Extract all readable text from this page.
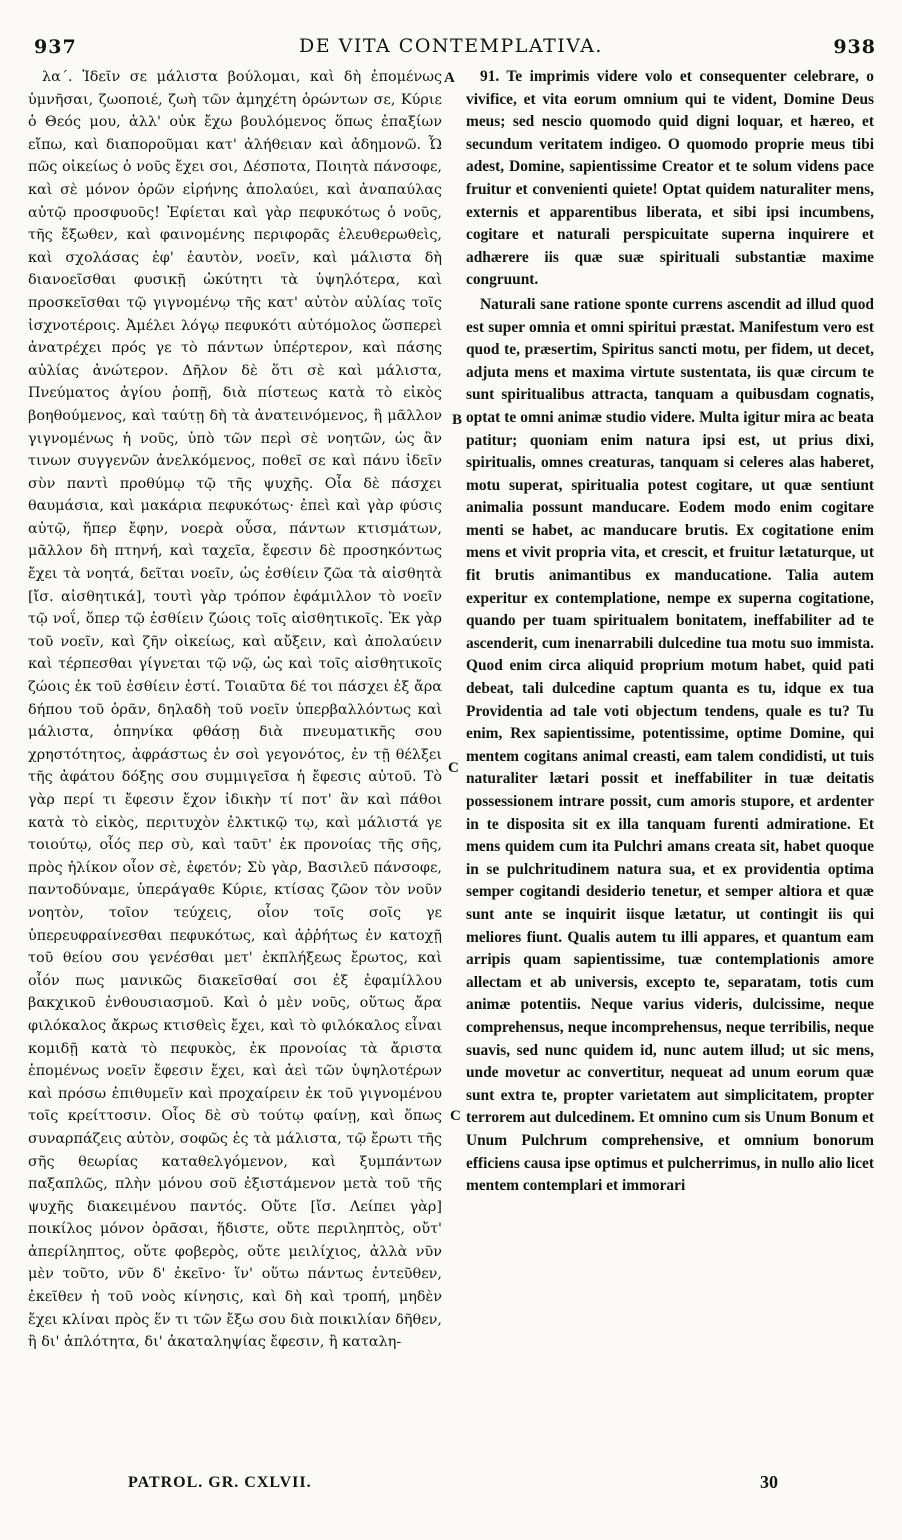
937	DE VITA CONTEMPLATIVA.	938

λα΄. Ἰδεῖν σε μάλιστα βούλομαι, καὶ δὴ ἐπομένως ὑμνῆσαι, ζωοποιέ, ζωὴ τῶν ἀμηχέτη ὁρώντων σε, Κύριε ὁ Θεός μου, ἀλλ' οὐκ ἔχω βουλόμενος ὅπως ἐπαξίων εἴπω, καὶ διαποροῦμαι κατ' ἀλήθειαν καὶ ἀδημονῶ. Ὦ πῶς οἰκείως ὁ νοῦς ἔχει σοι, Δέσποτα, Ποιητὰ πάνσοφε, καὶ σὲ μόνον ὁρῶν εἰρήνης ἀπολαύει, καὶ ἀναπαύλας αὐτῷ προσφυοῦς! Ἐφίεται καὶ γὰρ πεφυκότως ὁ νοῦς, τῆς ἔξωθεν, καὶ φαινομένης περιφορᾶς ἐλευθερωθεὶς, καὶ σχολάσας ἐφ' ἑαυτὸν, νοεῖν, καὶ μάλιστα δὴ διανοεῖσθαι φυσικῇ ὠκύτητι τὰ ὑψηλότερα, καὶ προσκεῖσθαι τῷ γιγνομένῳ τῆς κατ' αὐτὸν αὐλίας τοῖς ἰσχνοτέροις. Ἀμέλει λόγῳ πεφυκότι αὐτόμολος ὥσπερεὶ ἀνατρέχει πρός γε τὸ πάντων ὑπέρτερον, καὶ πάσης αὐλίας ἀνώτερον. Δῆλον δὲ ὅτι σὲ καὶ μάλιστα, Πνεύματος ἁγίου ῥοπῇ, διὰ πίστεως κατὰ τὸ εἰκὸς βοηθούμενος, καὶ ταύτῃ δὴ τὰ ἀνατεινόμενος, ἣ μᾶλλον γιγνομένως ἡ νοῦς, ὑπὸ τῶν περὶ σὲ νοητῶν, ὡς ἂν τινων συγγενῶν ἀνελκόμενος, ποθεῖ σε καὶ πάνυ ἰδεῖν σὺν παντὶ προθύμῳ τῷ τῆς ψυχῆς. Οἷα δὲ πάσχει θαυμάσια, καὶ μακάρια πεφυκότως· ἐπεὶ καὶ γὰρ φύσις αὐτῷ, ἥπερ ἔφην, νοερὰ οὖσα, πάντων κτισμάτων, μᾶλλον δὴ πτηνή, καὶ ταχεῖα, ἔφεσιν δὲ προσηκόντως ἔχει τὰ νοητά, δεῖται νοεῖν, ὡς ἐσθίειν ζῶα τὰ αἰσθητὰ [ἴσ. αἰσθητικά], τουτὶ γὰρ τρόπον ἐφάμιλλον τὸ νοεῖν τῷ νοΐ, ὅπερ τῷ ἐσθίειν ζώοις τοῖς αἰσθητικοῖς. Ἐκ γὰρ τοῦ νοεῖν, καὶ ζῆν οἰκείως, καὶ αὔξειν, καὶ ἀπολαύειν καὶ τέρπεσθαι γίγνεται τῷ νῷ, ὡς καὶ τοῖς αἰσθητικοῖς ζώοις ἐκ τοῦ ἐσθίειν ἐστί. Τοιαῦτα δέ τοι πάσχει ἐξ ἄρα δήπου τοῦ ὁρᾶν, δηλαδὴ τοῦ νοεῖν ὑπερβαλλόντως καὶ μάλιστα, ὁπηνίκα φθάσῃ διὰ πνευματικῆς σου χρηστότητος, ἀφράστως ἐν σοὶ γεγονότος, ἐν τῇ θέλξει τῆς ἀφάτου δόξης σου συμμιγεῖσα ἡ ἔφεσις αὐτοῦ. Τὸ γὰρ περί τι ἔφεσιν ἔχον ἰδικὴν τί ποτ' ἂν καὶ πάθοι κατὰ τὸ εἰκὸς, περιτυχὸν ἐλκτικῷ τῳ, καὶ μάλιστά γε τοιούτῳ, οἷός περ σὺ, καὶ ταῦτ' ἐκ προνοίας τῆς σῆς, πρὸς ἡλίκον οἷον σὲ, ἐφετόν; Σὺ γὰρ, Βασιλεῦ πάνσοφε, παντοδύναμε, ὑπεράγαθε Κύριε, κτίσας ζῶον τὸν νοῦν νοητὸν, τοῖον τεύχεις, οἷον τοῖς σοῖς γε ὑπερευφραίνεσθαι πεφυκότως, καὶ ἀῤῥήτως ἐν κατοχῇ τοῦ θείου σου γενέσθαι μετ' ἐκπλήξεως ἔρωτος, καὶ οἷόν πως μανικῶς διακεῖσθαί σοι ἐξ ἐφαμίλλου βακχικοῦ ἐνθουσιασμοῦ. Καὶ ὁ μὲν νοῦς, οὕτως ἄρα φιλόκαλος ἄκρως κτισθεὶς ἔχει, καὶ τὸ φιλόκαλος εἶναι κομιδῇ κατὰ τὸ πεφυκὸς, ἐκ προνοίας τὰ ἄριστα ἑπομένως νοεῖν ἔφεσιν ἔχει, καὶ ἀεὶ τῶν ὑψηλοτέρων καὶ πρόσω ἐπιθυμεῖν καὶ προχαίρειν ἐκ τοῦ γιγνομένου τοῖς κρείττοσιν. Οἷος δὲ σὺ τούτῳ φαίνῃ, καὶ ὅπως συναρπάζεις αὐτὸν, σοφῶς ἐς τὰ μάλιστα, τῷ ἔρωτι τῆς σῆς θεωρίας καταθελγόμενον, καὶ ξυμπάντων παξαπλῶς, πλὴν μόνου σοῦ ἐξιστάμενον μετὰ τοῦ τῆς ψυχῆς διακειμένου παντός. Οὔτε [ἴσ. Λείπει γὰρ] ποικίλος μόνον ὁρᾶσαι, ἥδιστε, οὔτε περιληπτὸς, οὔτ' ἀπερίληπτος, οὔτε φοβερὸς, οὔτε μειλίχιος, ἀλλὰ νῦν μὲν τοῦτο, νῦν δ' ἐκεῖνο· ἵν' οὕτω πάντως ἐντεῦθεν, ἐκεῖθεν ἡ τοῦ νοὸς κίνησις, καὶ δὴ καὶ τροπή, μηδὲν ἔχει κλίναι πρὸς ἕν τι τῶν ἔξω σου διὰ ποικιλίαν δῆθεν, ἢ δι' ἁπλότητα, δι' ἀκαταληψίας ἔφεσιν, ἢ καταλη-

A
B
C
C

91. Te imprimis videre volo et consequenter celebrare, o vivifice, et vita eorum omnium qui te vident, Domine Deus meus; sed nescio quomodo quid digni loquar, et hæreo, et secundum veritatem indigeo. O quomodo proprie meus tibi adest, Domine, sapientissime Creator et te solum videns pace fruitur et convenienti quiete! Optat quidem naturaliter mens, externis et apparentibus liberata, et sibi ipsi incumbens, cogitare et naturali perspicuitate superna inquirere et adhærere iis quæ suæ spirituali substantiæ maxime congruunt.

Naturali sane ratione sponte currens ascendit ad illud quod est super omnia et omni spiritui præstat. Manifestum vero est quod te, præsertim, Spiritus sancti motu, per fidem, ut decet, adjuta mens et maxima virtute sustentata, iis quæ circum te sunt spiritualibus attracta, tanquam a quibusdam cognatis, optat te omni animæ studio videre. Multa igitur mira ac beata patitur; quoniam enim natura ipsi est, ut prius dixi, spiritualis, omnes creaturas, tanquam si celeres alas haberet, motu superat, spiritualia potest cogitare, ut quæ sentiunt animalia possunt manducare. Eodem modo enim cogitare menti se habet, ac manducare brutis. Ex cogitatione enim mens et vivit propria vita, et crescit, et fruitur lætaturque, ut fit brutis animantibus ex manducatione. Talia autem experitur ex contemplatione, nempe ex superna cogitatione, quando per tuam spiritualem bonitatem, ineffabiliter ad te ascenderit, cum inenarrabili dulcedine tua motu suo immista. Quod enim circa aliquid proprium motum habet, quid pati debeat, tali dulcedine captum quanta es tu, idque ex tua Providentia ad tale voti objectum tendens, quale es tu? Tu enim, Rex sapientissime, potentissime, optime Domine, qui mentem cogitans animal creasti, eam talem condidisti, ut tuis naturaliter lætari possit et ineffabiliter in tuæ deitatis possessionem intrare possit, cum amoris stupore, et ardenter in te disposita sit ex illa tanquam furenti admiratione. Et mens quidem cum ita Pulchri amans creata sit, habet quoque in se pulchritudinem natura sua, et ex providentia optima semper cogitandi desiderio tenetur, et semper altiora et quæ sunt ante se inquirit iisque lætatur, ut contingit iis qui meliores fiunt. Qualis autem tu illi appares, et quantum eam arripis quam sapientissime, tuæ contemplationis amore allectam et ab universis, excepto te, separatam, totis cum animæ potentiis. Neque varius videris, dulcissime, neque comprehensus, neque incomprehensus, neque terribilis, neque suavis, sed nunc quidem id, nunc autem illud; ut sic mens, unde movetur ac convertitur, nequeat ad unum eorum quæ sunt extra te, propter varietatem aut simplicitatem, propter terrorem aut dulcedinem. Et omnino cum sis Unum Bonum et Unum Pulchrum comprehensive, et omnium bonorum efficiens causa ipse optimus et pulcherrimus, in nullo alio licet mentem contemplari et immorari

PATROL. GR. CXLVII.	30
